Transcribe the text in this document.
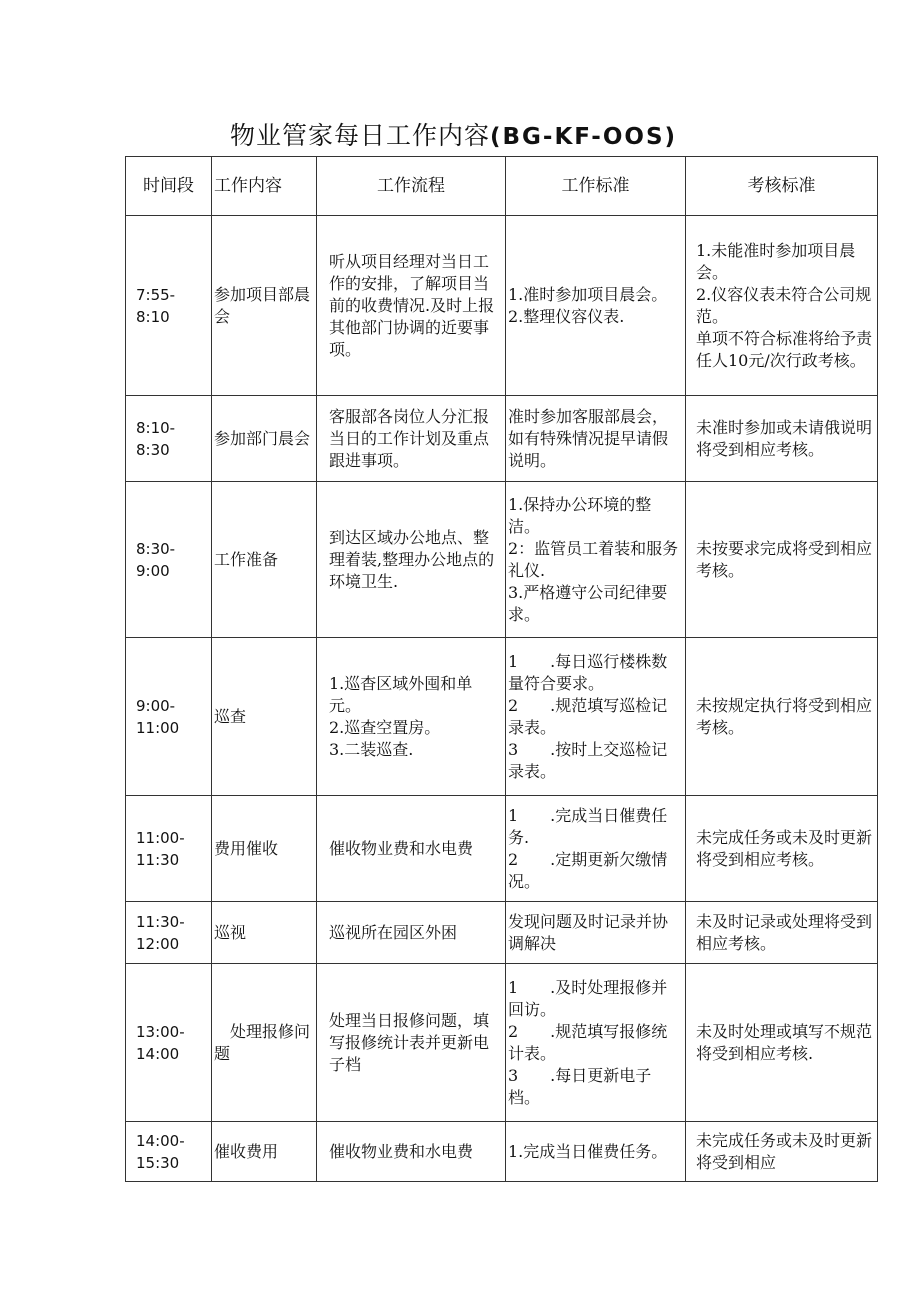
物业管家每日工作内容(BG-KF-OOS)
时间段	工作内容	工作流程	工作标准	考核标准
7:55-8:10	参加项目部晨会	听从项目经理对当日工作的安排，了解项目当前的收费情况.及时上报其他部门协调的近要事项。	1.准时参加项目晨会。
2.整理仪容仪表.	1.未能准时参加项目晨会。
2.仪容仪表未符合公司规范。
单项不符合标准将给予责任人10元/次行政考核。

8:10-8:30	参加部门晨会	客服部各岗位人分汇报当日的工作计划及重点跟进事项。	准时参加客服部晨会，如有特殊情况提早请假说明。	未准时参加或未请俄说明将受到相应考核。

8:30-9:00	工作准备	到达区域办公地点、整理着装,整理办公地点的环境卫生.	1.保持办公环境的整洁。
2：监管员工着装和服务礼仪.
3.严格遵守公司纪律要求。	未按要求完成将受到相应考核。

9:00-11:00	巡查	1.巡杳区域外囤和单元。
2.巡查空置房。
3.二装巡查.	1　　.每日巡行楼株数量符合要求。
2　　.规范填写巡检记录表。
3　　.按时上交巡检记录表。	未按规定执行将受到相应考核。

11:00-11:30	费用催收	催收物业费和水电费	1　　.完成当日催费任务.
2　　.定期更新欠缴情况。	未完成任务或未及时更新将受到相应考核。

11:30-12:00	巡视	巡视所在园区外困	发现问题及时记录并协调解决	未及时记录或处理将受到相应考核。

13:00-14:00	　处理报修问题	处理当日报修问题，填写报修统计表并更新电子档	1　　.及时处理报修并回访。
2　　.规范填写报修统计表。
3　　.每日更新电子档。	未及时处理或填写不规范将受到相应考核.

14:00-15:30	催收费用	催收物业费和水电费	1.完成当日催费任务。	未完成任务或未及时更新将受到相应
